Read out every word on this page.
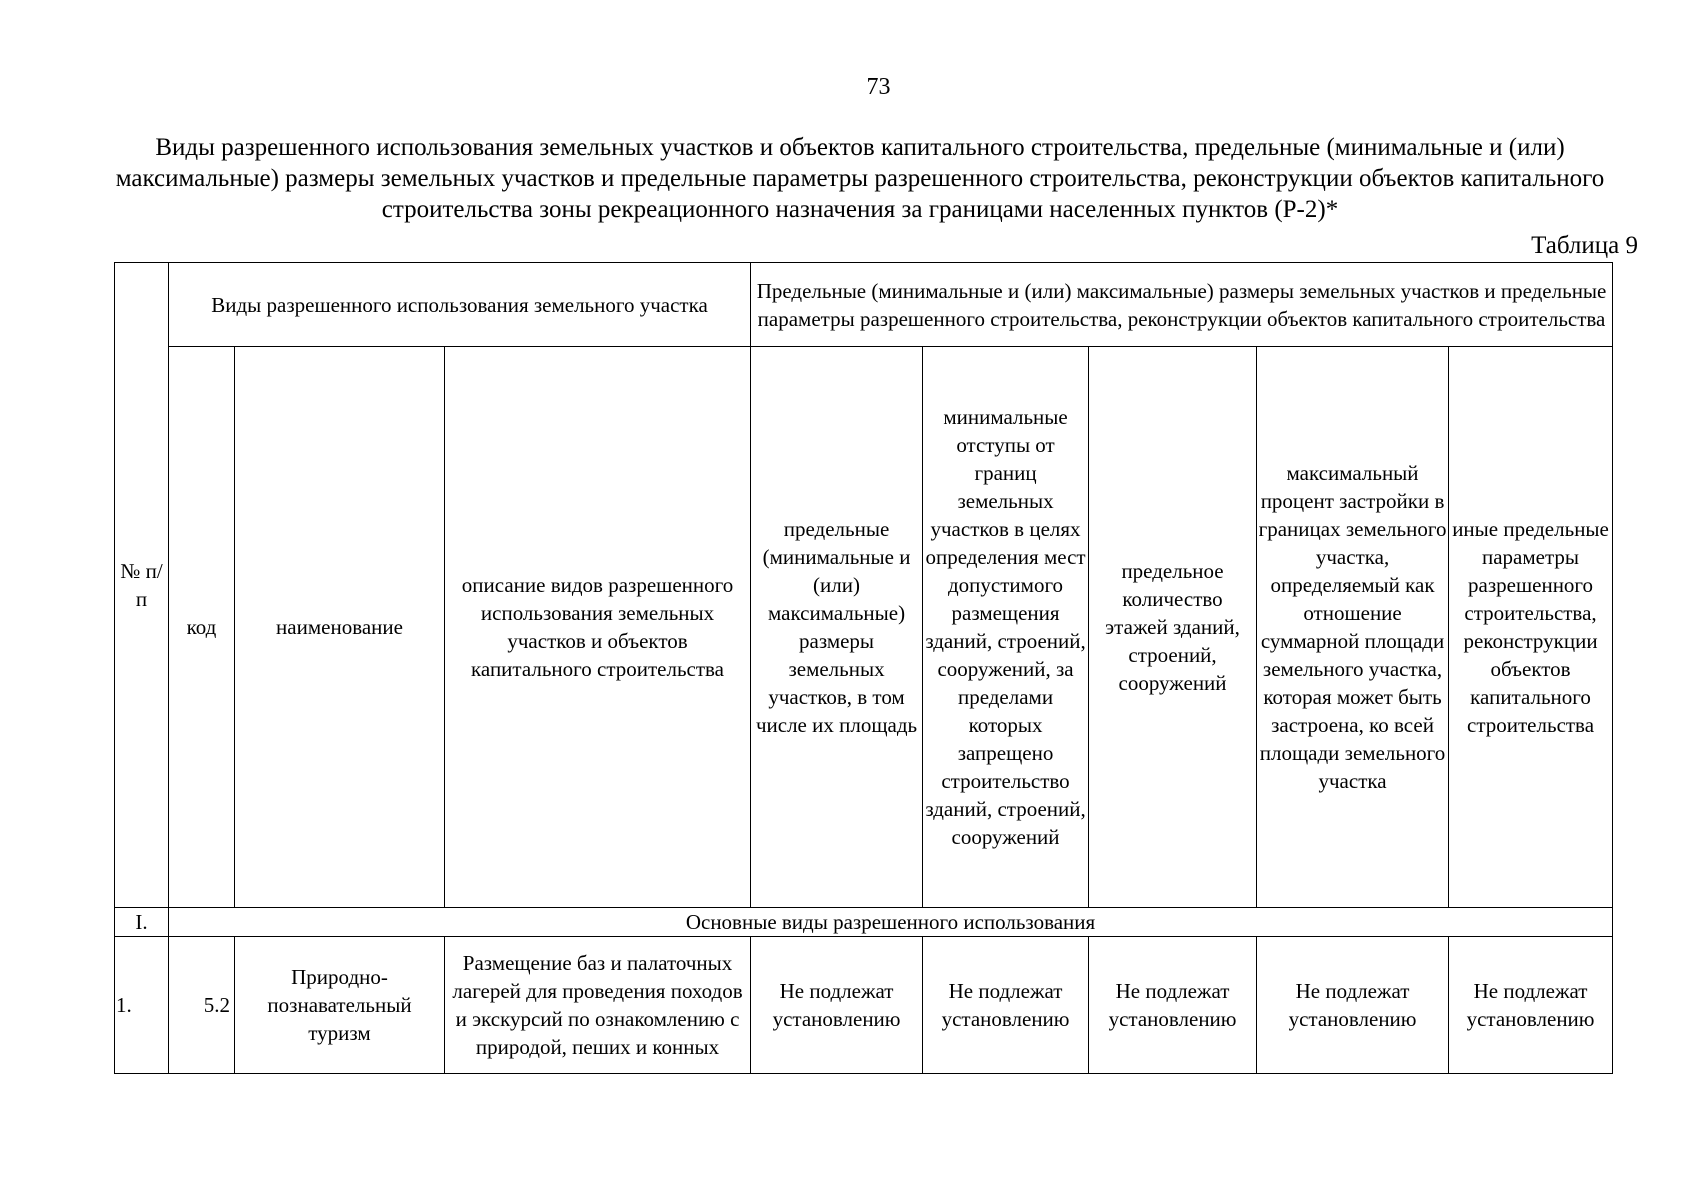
73
Виды разрешенного использования земельных участков и объектов капитального строительства, предельные (минимальные и (или) максимальные) размеры земельных участков и предельные параметры разрешенного строительства, реконструкции объектов капитального строительства зоны рекреационного назначения за границами населенных пунктов (Р-2)*
Таблица 9
№ п/п	Виды разрешенного использования земельного участка			Предельные (минимальные и (или) максимальные) размеры земельных участков и предельные параметры разрешенного строительства, реконструкции объектов капитального строительства				
	код	наименование	описание видов разрешенного использования земельных участков и объектов капитального строительства	предельные (минимальные и (или) максимальные) размеры земельных участков, в том числе их площадь	минимальные отступы от границ земельных участков в целях определения мест допустимого размещения зданий, строений, сооружений, за пределами которых запрещено строительство зданий, строений, сооружений	предельное количество этажей зданий, строений, сооружений	максимальный процент застройки в границах земельного участка, определяемый как отношение суммарной площади земельного участка, которая может быть застроена, ко всей площади земельного участка	иные предельные параметры разрешенного строительства, реконструкции объектов капитального строительства
I.	Основные виды разрешенного использования							
1.	5.2	Природно-познавательный туризм	Размещение баз и палаточных лагерей для проведения походов и экскурсий по ознакомлению с природой, пеших и конных	Не подлежат установлению	Не подлежат установлению	Не подлежат установлению	Не подлежат установлению	Не подлежат установлению
